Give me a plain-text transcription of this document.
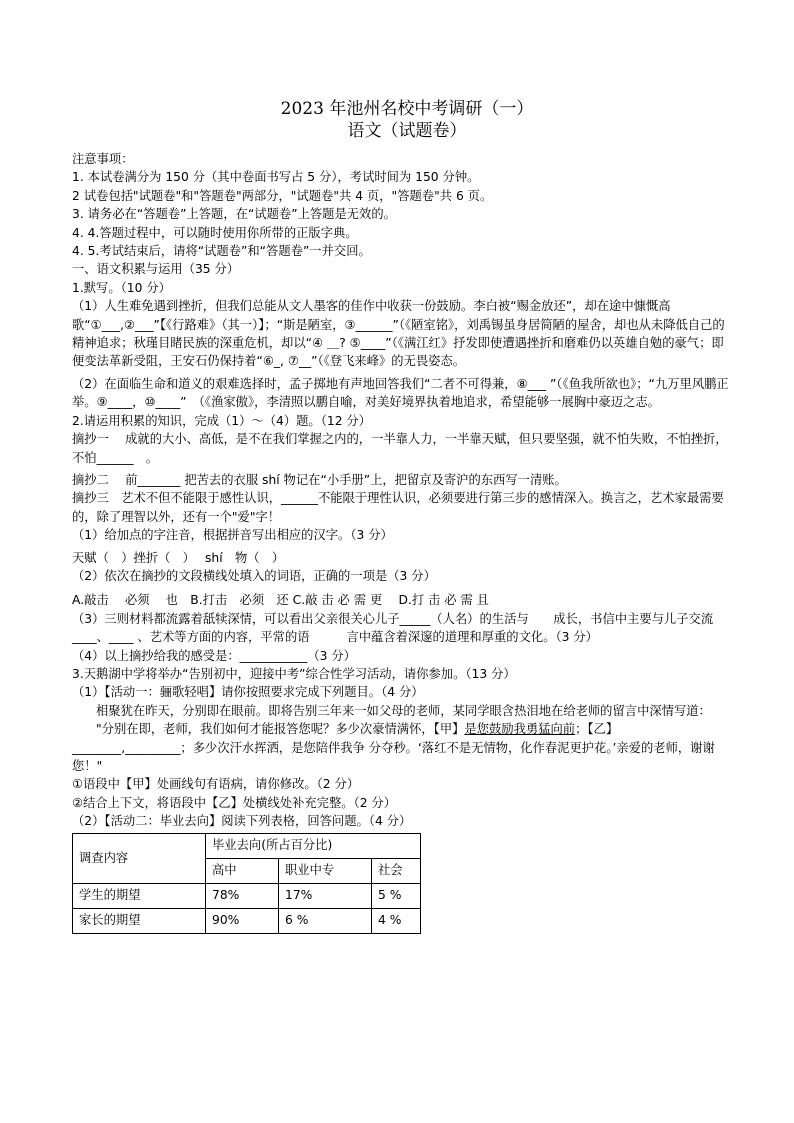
2023 年池州名校中考调研（一）
语文（试题卷）
注意事项：
1. 本试卷满分为 150 分（其中卷面书写占 5 分），考试时间为 150 分钟。
2 试卷包括"试题卷"和"答题卷"两部分，"试题卷"共 4 页，"答题卷"共 6 页。
3. 请务必在“答题卷”上答题，在“试题卷”上答题是无效的。
4. 4.答题过程中，可以随时使用你所带的正版字典。
4. 5.考试结束后，请将“试题卷”和“答题卷”一并交回。
一、语文积累与运用（35 分）
1.默写。（10 分）
（1）人生难免遇到挫折，但我们总能从文人墨客的佳作中收获一份鼓励。李白被“赐金放还”，却在途中慷慨高歌“①___,②___”【《行路难》（其一）】；“斯是陋室，③______”（《陋室铭》，刘禹锡虽身居简陋的屋舍，却也从未降低自己的精神追求；秋瑾目睹民族的深重危机，却以“④ ＿? ⑤____”（《满江红》抒发即使遭遇挫折和磨难仍以英雄自勉的豪气；即便变法革新受阻，王安石仍保持着“⑥_, ⑦__”（《登飞来峰》的无畏姿态。
（2）在面临生命和道义的艰难选择时，孟子掷地有声地回答我们“二者不可得兼，⑧___ ”（《鱼我所欲也》；“九万里风鹏正举。⑨____，⑩____”　（《渔家傲》，李清照以鹏自喻，对美好境界执着地追求，希望能够一展胸中豪迈之志。
2.请运用积累的知识，完成（1）～（4）题。（12 分）
摘抄一　 成就的大小、高低，是不在我们掌握之内的，一半靠人力，一半靠天赋，但只要坚强，就不怕失败，不怕挫折，不怕______　。
摘抄二　 前_______ 把苦去的衣服 shí 物记在“小手册”上，把留京及寄沪的东西写一清账。
摘抄三　艺术不但不能限于感性认识，______不能限于理性认识，必须要进行第三步的感情深入。换言之，艺术家最需要的，除了理智以外，还有一个"爱"字！
（1）给加点的字注音，根据拼音写出相应的汉字。（3 分）
天赋（　）挫折（　）　 shí　物（　）
（2）依次在摘抄的文段横线处填入的词语，正确的一项是（3 分）
A.敲击　 必须　 也　B.打击　必须　还 C.敲 击 必 需 更　 D.打 击 必 需 且
（3）三则材料都流露着舐犊深情，可以看出父亲很关心儿子_____（人名）的生活与　　成长，书信中主要与儿子交流____、____ 、艺术等方面的内容，平常的语　　　言中蕴含着深邃的道理和厚重的文化。（3 分）
（4）以上摘抄给我的感受是：___________（3 分）
3.天鹅湖中学将举办“告别初中，迎接中考”综合性学习活动，请你参加。（13 分）
（1）【活动一：骊歌轻唱】请你按照要求完成下列题目。（4 分）
相聚犹在昨天，分别即在眼前。即将告别三年来一如父母的老师，某同学眼含热泪地在给老师的留言中深情写道：
"分别在即，老师，我们如何才能报答您呢？多少次豪情满怀，【甲】是您鼓励我勇猛向前；【乙】________,_________；多少次汗水挥洒，是您陪伴我争 分夺秒。‘落红不是无情物，化作春泥更护花。’亲爱的老师，谢谢您！"
①语段中【甲】处画线句有语病，请你修改。（2 分）
②结合上下文，将语段中【乙】处横线处补充完整。（2 分）
（2）【活动二：毕业去向】阅读下列表格，回答问题。（4 分）
调查内容	毕业去向(所占百分比)		
	高中	职业中专	社会
学生的期望	78%	17%	5 %
家长的期望	90%	6 %	4 %
